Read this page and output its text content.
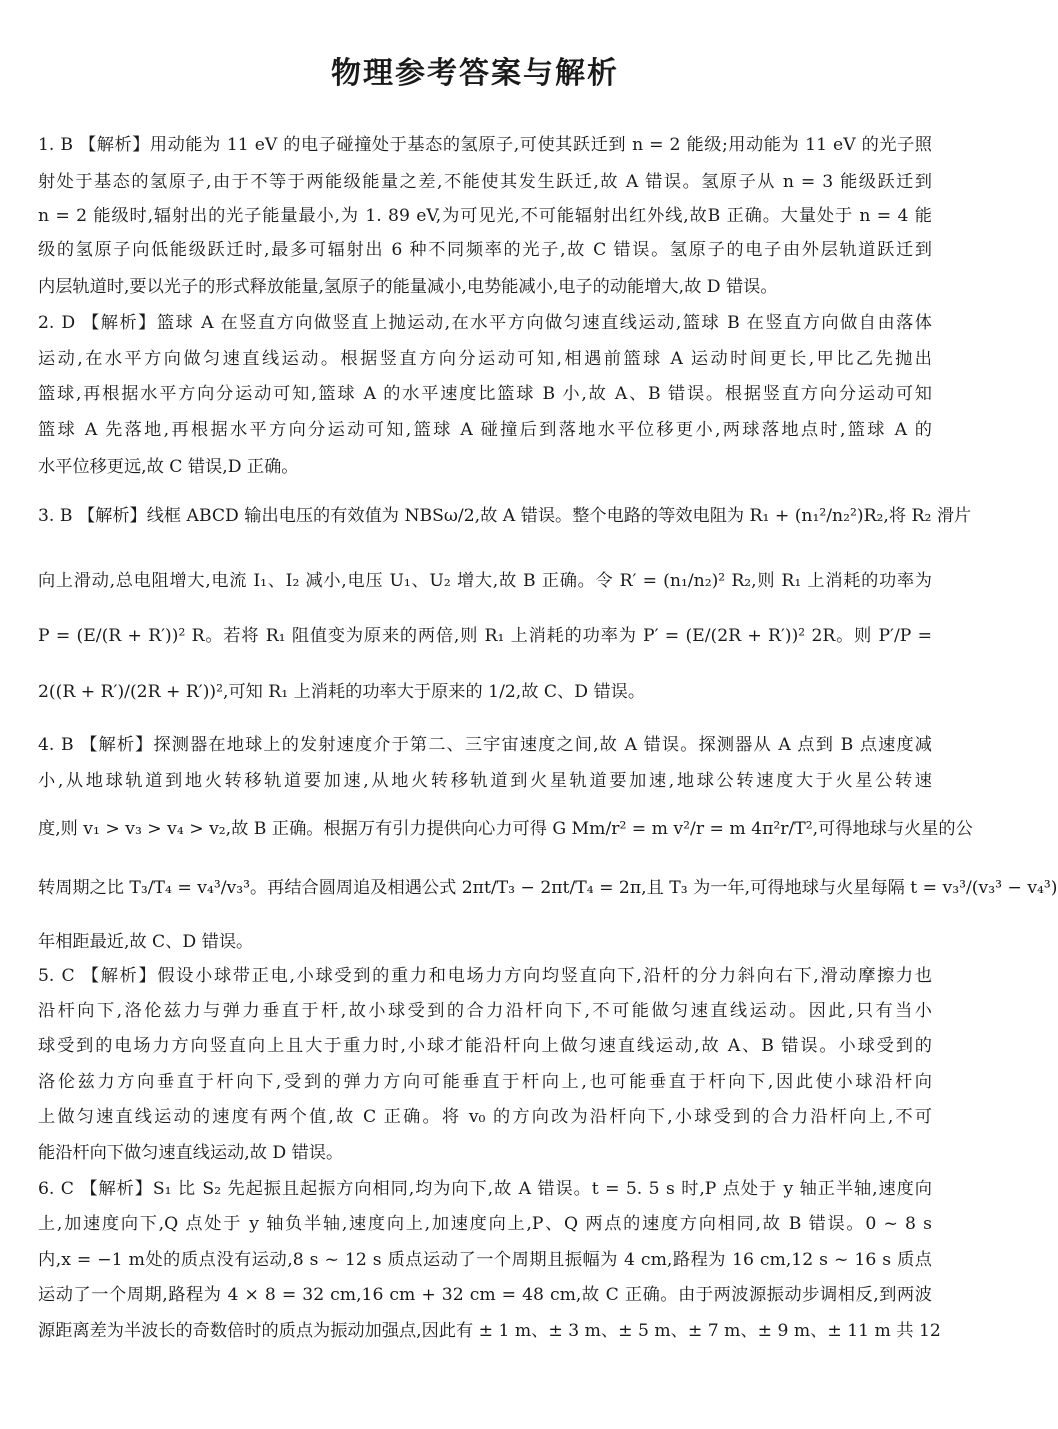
物理参考答案与解析
1. B 【解析】用动能为 11 eV 的电子碰撞处于基态的氢原子,可使其跃迁到 n = 2 能级;用动能为 11 eV 的光子照
射处于基态的氢原子,由于不等于两能级能量之差,不能使其发生跃迁,故 A 错误。氢原子从 n = 3 能级跃迁到
n = 2 能级时,辐射出的光子能量最小,为 1. 89 eV,为可见光,不可能辐射出红外线,故B 正确。大量处于 n = 4 能
级的氢原子向低能级跃迁时,最多可辐射出 6 种不同频率的光子,故 C 错误。氢原子的电子由外层轨道跃迁到
内层轨道时,要以光子的形式释放能量,氢原子的能量减小,电势能减小,电子的动能增大,故 D 错误。
2. D 【解析】篮球 A 在竖直方向做竖直上抛运动,在水平方向做匀速直线运动,篮球 B 在竖直方向做自由落体
运动,在水平方向做匀速直线运动。根据竖直方向分运动可知,相遇前篮球 A 运动时间更长,甲比乙先抛出
篮球,再根据水平方向分运动可知,篮球 A 的水平速度比篮球 B 小,故 A、B 错误。根据竖直方向分运动可知
篮球 A 先落地,再根据水平方向分运动可知,篮球 A 碰撞后到落地水平位移更小,两球落地点时,篮球 A 的
水平位移更远,故 C 错误,D 正确。
3. B 【解析】线框 ABCD 输出电压的有效值为 NBSω/2,故 A 错误。整个电路的等效电阻为 R₁ + (n₁²/n₂²)R₂,将 R₂ 滑片
向上滑动,总电阻增大,电流 I₁、I₂ 减小,电压 U₁、U₂ 增大,故 B 正确。令 R′ = (n₁/n₂)² R₂,则 R₁ 上消耗的功率为
P = (E/(R + R′))² R。若将 R₁ 阻值变为原来的两倍,则 R₁ 上消耗的功率为 P′ = (E/(2R + R′))² 2R。则 P′/P =
2((R + R′)/(2R + R′))²,可知 R₁ 上消耗的功率大于原来的 1/2,故 C、D 错误。
4. B 【解析】探测器在地球上的发射速度介于第二、三宇宙速度之间,故 A 错误。探测器从 A 点到 B 点速度减
小,从地球轨道到地火转移轨道要加速,从地火转移轨道到火星轨道要加速,地球公转速度大于火星公转速
度,则 v₁ > v₃ > v₄ > v₂,故 B 正确。根据万有引力提供向心力可得 G Mm/r² = m v²/r = m 4π²r/T²,可得地球与火星的公
转周期之比 T₃/T₄ = v₄³/v₃³。再结合圆周追及相遇公式 2πt/T₃ − 2πt/T₄ = 2π,且 T₃ 为一年,可得地球与火星每隔 t = v₃³/(v₃³ − v₄³)
年相距最近,故 C、D 错误。
5. C 【解析】假设小球带正电,小球受到的重力和电场力方向均竖直向下,沿杆的分力斜向右下,滑动摩擦力也
沿杆向下,洛伦兹力与弹力垂直于杆,故小球受到的合力沿杆向下,不可能做匀速直线运动。因此,只有当小
球受到的电场力方向竖直向上且大于重力时,小球才能沿杆向上做匀速直线运动,故 A、B 错误。小球受到的
洛伦兹力方向垂直于杆向下,受到的弹力方向可能垂直于杆向上,也可能垂直于杆向下,因此使小球沿杆向
上做匀速直线运动的速度有两个值,故 C 正确。将 v₀ 的方向改为沿杆向下,小球受到的合力沿杆向上,不可
能沿杆向下做匀速直线运动,故 D 错误。
6. C 【解析】S₁ 比 S₂ 先起振且起振方向相同,均为向下,故 A 错误。t = 5. 5 s 时,P 点处于 y 轴正半轴,速度向
上,加速度向下,Q 点处于 y 轴负半轴,速度向上,加速度向上,P、Q 两点的速度方向相同,故 B 错误。0 ~ 8 s
内,x = −1 m处的质点没有运动,8 s ~ 12 s 质点运动了一个周期且振幅为 4 cm,路程为 16 cm,12 s ~ 16 s 质点
运动了一个周期,路程为 4 × 8 = 32 cm,16 cm + 32 cm = 48 cm,故 C 正确。由于两波源振动步调相反,到两波
源距离差为半波长的奇数倍时的质点为振动加强点,因此有 ± 1 m、± 3 m、± 5 m、± 7 m、± 9 m、± 11 m 共 12
